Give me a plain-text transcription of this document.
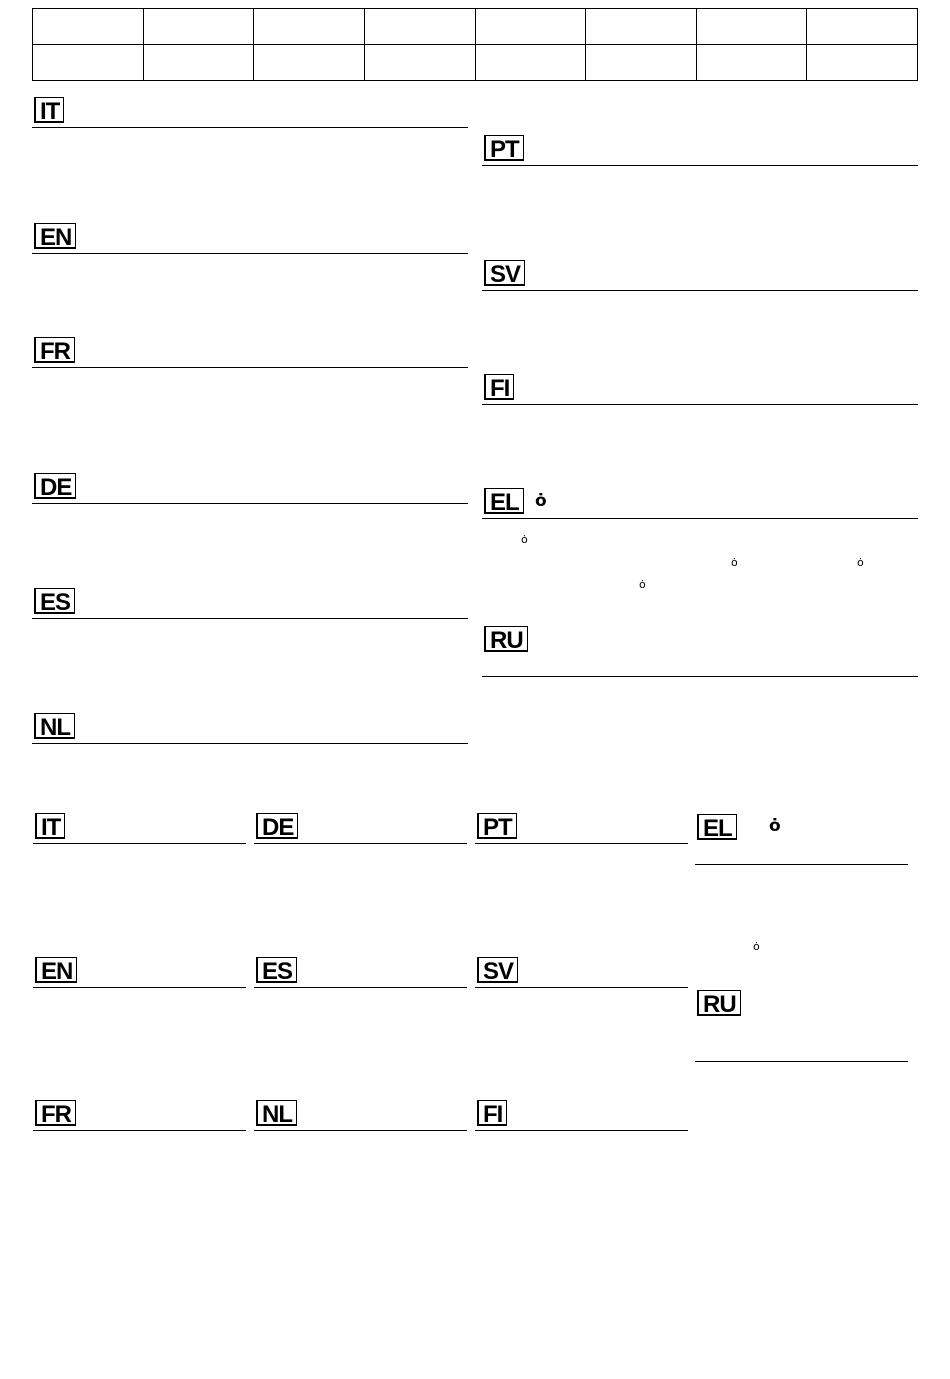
IT
EN
FR
DE
ES
NL
PT
SV
FI
EL ȯ
ȯ
ȯ	ȯ
ȯ
RU
IT	DE	PT	EL ȯ
ȯ
EN	ES	SV
RU
FR	NL	FI
